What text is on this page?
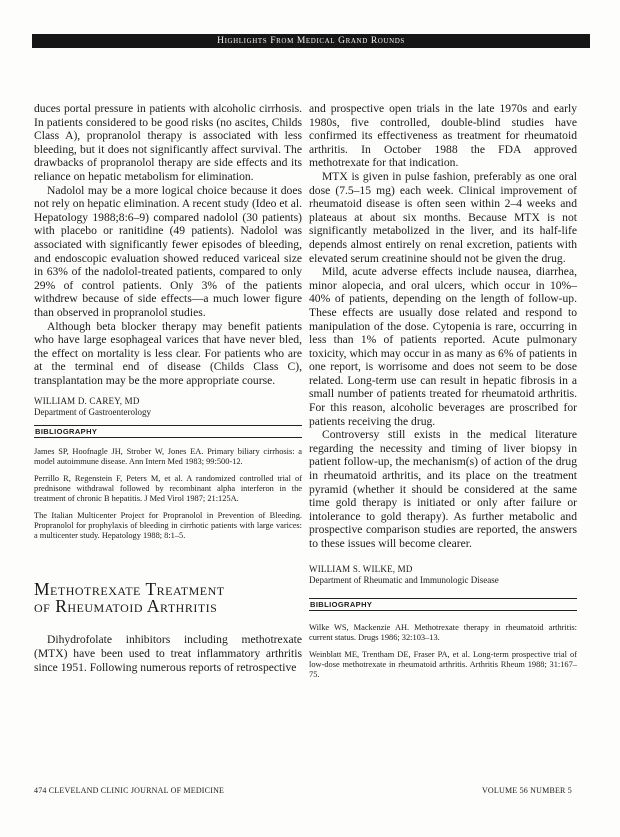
Highlights From Medical Grand Rounds

duces portal pressure in patients with alcoholic cirrhosis. In patients considered to be good risks (no ascites, Childs Class A), propranolol therapy is associated with less bleeding, but it does not significantly affect survival. The drawbacks of propranolol therapy are side effects and its reliance on hepatic metabolism for elimination.

Nadolol may be a more logical choice because it does not rely on hepatic elimination. A recent study (Ideo et al. Hepatology 1988;8:6–9) compared nadolol (30 patients) with placebo or ranitidine (49 patients). Nadolol was associated with significantly fewer episodes of bleeding, and endoscopic evaluation showed reduced variceal size in 63% of the nadolol-treated patients, compared to only 29% of control patients. Only 3% of the patients withdrew because of side effects—a much lower figure than observed in propranolol studies.

Although beta blocker therapy may benefit patients who have large esophageal varices that have never bled, the effect on mortality is less clear. For patients who are at the terminal end of disease (Childs Class C), transplantation may be the more appropriate course.

WILLIAM D. CAREY, MD
Department of Gastroenterology
BIBLIOGRAPHY
James SP, Hoofnagle JH, Strober W, Jones EA. Primary biliary cirrhosis: a model autoimmune disease. Ann Intern Med 1983; 99:500-12.
Perrillo R, Regenstein F, Peters M, et al. A randomized controlled trial of prednisone withdrawal followed by recombinant alpha interferon in the treatment of chronic B hepatitis. J Med Virol 1987; 21:125A.
The Italian Multicenter Project for Propranolol in Prevention of Bleeding. Propranolol for prophylaxis of bleeding in cirrhotic patients with large varices: a multicenter study. Hepatology 1988; 8:1–5.
Methotrexate Treatment
of Rheumatoid Arthritis

Dihydrofolate inhibitors including methotrexate (MTX) have been used to treat inflammatory arthritis since 1951. Following numerous reports of retrospective

and prospective open trials in the late 1970s and early 1980s, five controlled, double-blind studies have confirmed its effectiveness as treatment for rheumatoid arthritis. In October 1988 the FDA approved methotrexate for that indication.

MTX is given in pulse fashion, preferably as one oral dose (7.5–15 mg) each week. Clinical improvement of rheumatoid disease is often seen within 2–4 weeks and plateaus at about six months. Because MTX is not significantly metabolized in the liver, and its half-life depends almost entirely on renal excretion, patients with elevated serum creatinine should not be given the drug.

Mild, acute adverse effects include nausea, diarrhea, minor alopecia, and oral ulcers, which occur in 10%–40% of patients, depending on the length of follow-up. These effects are usually dose related and respond to manipulation of the dose. Cytopenia is rare, occurring in less than 1% of patients reported. Acute pulmonary toxicity, which may occur in as many as 6% of patients in one report, is worrisome and does not seem to be dose related. Long-term use can result in hepatic fibrosis in a small number of patients treated for rheumatoid arthritis. For this reason, alcoholic beverages are proscribed for patients receiving the drug.

Controversy still exists in the medical literature regarding the necessity and timing of liver biopsy in patient follow-up, the mechanism(s) of action of the drug in rheumatoid arthritis, and its place on the treatment pyramid (whether it should be considered at the same time gold therapy is initiated or only after failure or intolerance to gold therapy). As further metabolic and prospective comparison studies are reported, the answers to these issues will become clearer.

WILLIAM S. WILKE, MD
Department of Rheumatic and Immunologic Disease
BIBLIOGRAPHY
Wilke WS, Mackenzie AH. Methotrexate therapy in rheumatoid arthritis: current status. Drugs 1986; 32:103–13.
Weinblatt ME, Trentham DE, Fraser PA, et al. Long-term prospective trial of low-dose methotrexate in rheumatoid arthritis. Arthritis Rheum 1988; 31:167–75.
474 CLEVELAND CLINIC JOURNAL OF MEDICINE	VOLUME 56 NUMBER 5
